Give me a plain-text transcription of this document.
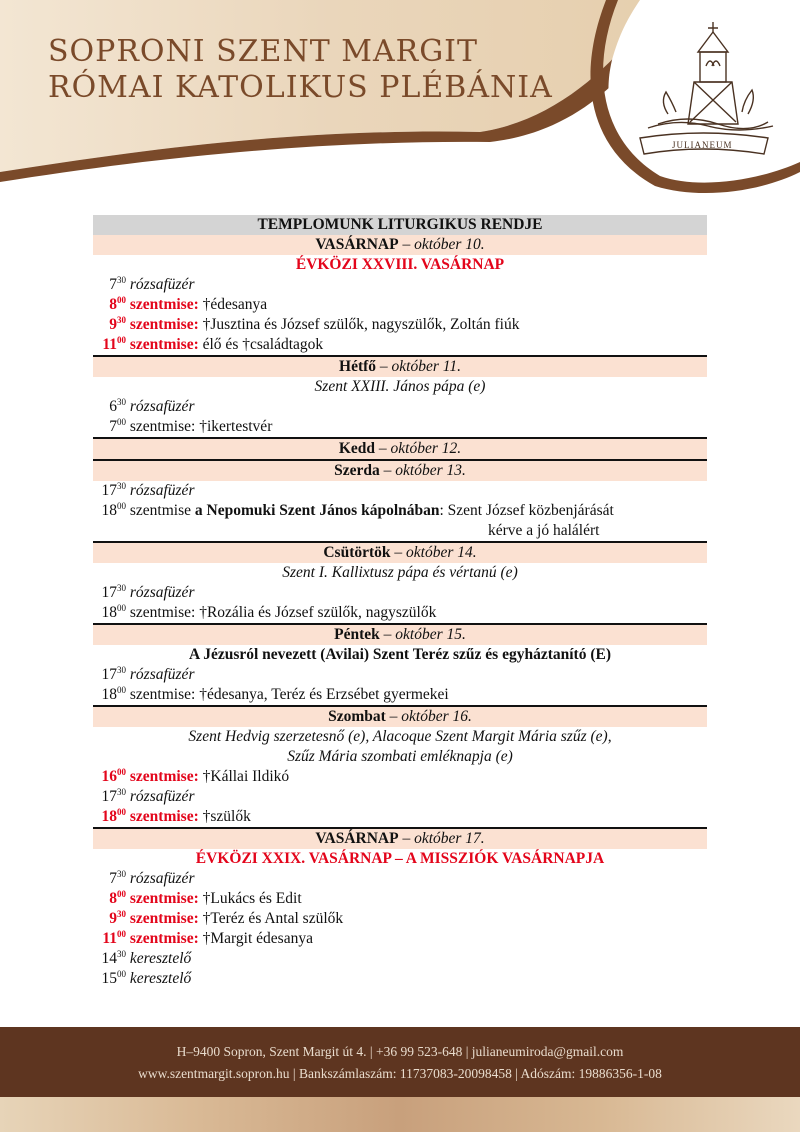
SOPRONI SZENT MARGIT
RÓMAI KATOLIKUS PLÉBÁNIA
JULIANEUM
TEMPLOMUNK LITURGIKUS RENDJE
VASÁRNAP – október 10.
ÉVKÖZI XXVIII. VASÁRNAP
$7^{30}$ rózsafüzér
$8^{00}$ szentmise: †édesanya
$9^{30}$ szentmise: †Jusztina és József szülők, nagyszülők, Zoltán fiúk
$11^{00}$ szentmise: élő és †családtagok
Hétfő – október 11.
Szent XXIII. János pápa (e)
$6^{30}$ rózsafüzér
$7^{00}$ szentmise: †ikertestvér
Kedd – október 12.
Szerda – október 13.
$17^{30}$ rózsafüzér
$18^{00}$ szentmise a Nepomuki Szent János kápolnában: Szent József közbenjárását
kérve a jó halálért
Csütörtök – október 14.
Szent I. Kallixtusz pápa és vértanú (e)
$17^{30}$ rózsafüzér
$18^{00}$ szentmise: †Rozália és József szülők, nagyszülők
Péntek – október 15.
A Jézusról nevezett (Avilai) Szent Teréz szűz és egyháztanító (E)
$17^{30}$ rózsafüzér
$18^{00}$ szentmise: †édesanya, Teréz és Erzsébet gyermekei
Szombat – október 16.
Szent Hedvig szerzetesnő (e), Alacoque Szent Margit Mária szűz (e),
Szűz Mária szombati emléknapja (e)
$16^{00}$ szentmise: †Kállai Ildikó
$17^{30}$ rózsafüzér
$18^{00}$ szentmise: †szülők
VASÁRNAP – október 17.
ÉVKÖZI XXIX. VASÁRNAP – A MISSZIÓK VASÁRNAPJA
$7^{30}$ rózsafüzér
$8^{00}$ szentmise: †Lukács és Edit
$9^{30}$ szentmise: †Teréz és Antal szülők
$11^{00}$ szentmise: †Margit édesanya
$14^{30}$ keresztelő
$15^{00}$ keresztelő
H–9400 Sopron, Szent Margit út 4. | +36 99 523-648 | julianeumiroda@gmail.com
www.szentmargit.sopron.hu | Bankszámlaszám: 11737083-20098458 | Adószám: 19886356-1-08
